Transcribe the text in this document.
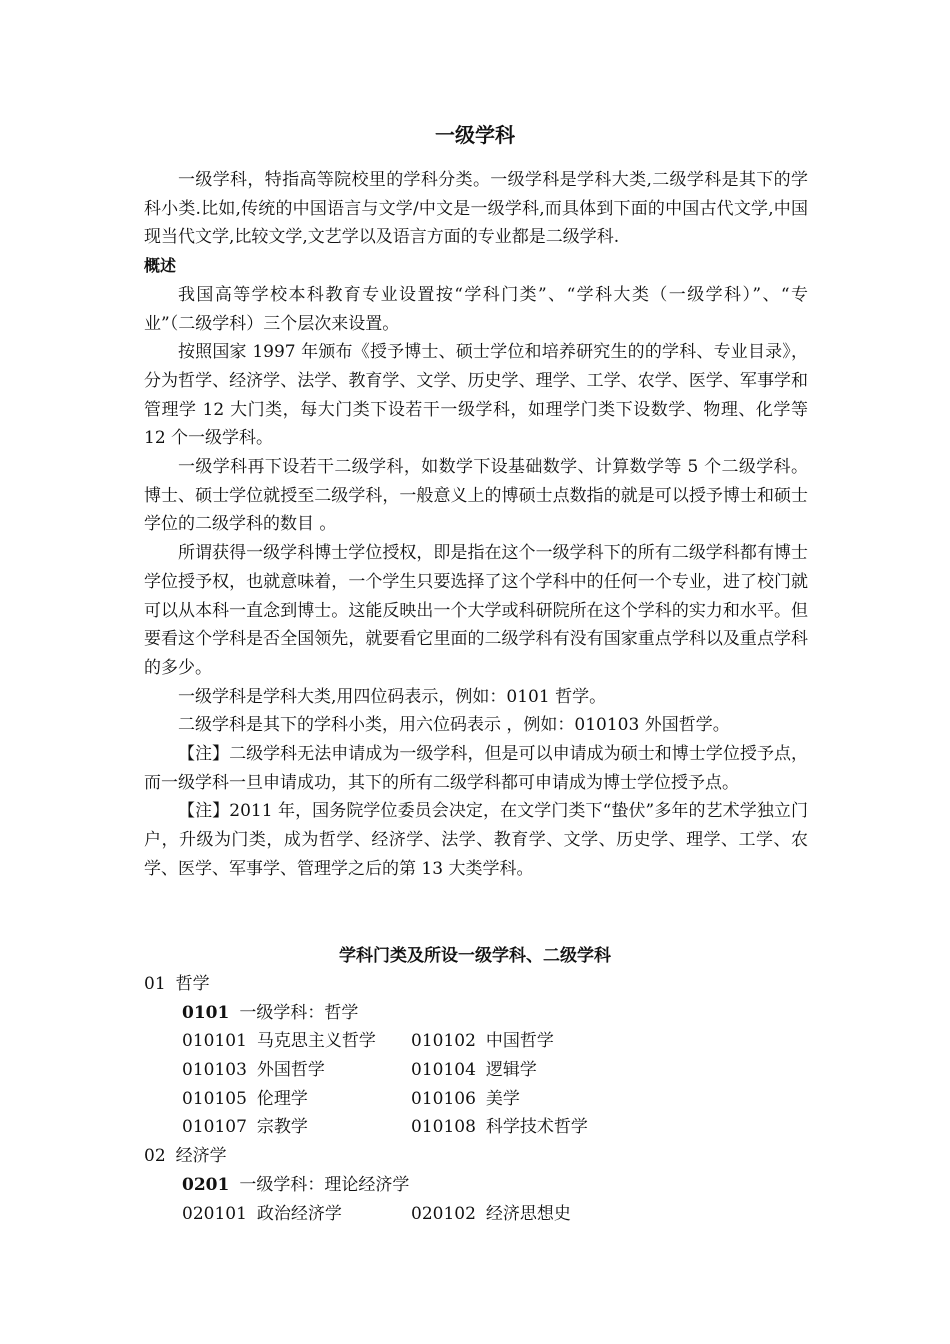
一级学科

一级学科，特指高等院校里的学科分类。一级学科是学科大类,二级学科是其下的学科小类.比如,传统的中国语言与文学/中文是一级学科,而具体到下面的中国古代文学,中国现当代文学,比较文学,文艺学以及语言方面的专业都是二级学科.

概述

我国高等学校本科教育专业设置按“学科门类”、“学科大类（一级学科）”、“专业”（二级学科）三个层次来设置。

按照国家 1997 年颁布《授予博士、硕士学位和培养研究生的的学科、专业目录》，分为哲学、经济学、法学、教育学、文学、历史学、理学、工学、农学、医学、军事学和管理学 12 大门类，每大门类下设若干一级学科，如理学门类下设数学、物理、化学等 12 个一级学科。

一级学科再下设若干二级学科，如数学下设基础数学、计算数学等 5 个二级学科。博士、硕士学位就授至二级学科，一般意义上的博硕士点数指的就是可以授予博士和硕士学位的二级学科的数目 。

所谓获得一级学科博士学位授权，即是指在这个一级学科下的所有二级学科都有博士学位授予权，也就意味着，一个学生只要选择了这个学科中的任何一个专业，进了校门就可以从本科一直念到博士。这能反映出一个大学或科研院所在这个学科的实力和水平。但要看这个学科是否全国领先，就要看它里面的二级学科有没有国家重点学科以及重点学科的多少。

一级学科是学科大类,用四位码表示，例如：0101 哲学。

二级学科是其下的学科小类，用六位码表示 ，例如：010103 外国哲学。

【注】二级学科无法申请成为一级学科，但是可以申请成为硕士和博士学位授予点，而一级学科一旦申请成功，其下的所有二级学科都可申请成为博士学位授予点。

【注】2011 年，国务院学位委员会决定，在文学门类下“蛰伏”多年的艺术学独立门户，升级为门类，成为哲学、经济学、法学、教育学、文学、历史学、理学、工学、农学、医学、军事学、管理学之后的第 13 大类学科。

学科门类及所设一级学科、二级学科
01 哲学
0101 一级学科：哲学
010101 马克思主义哲学 010102 中国哲学
010103 外国哲学	010104 逻辑学
010105 伦理学	010106 美学
010107 宗教学	010108 科学技术哲学
02 经济学
0201 一级学科：理论经济学
020101 政治经济学	020102 经济思想史
